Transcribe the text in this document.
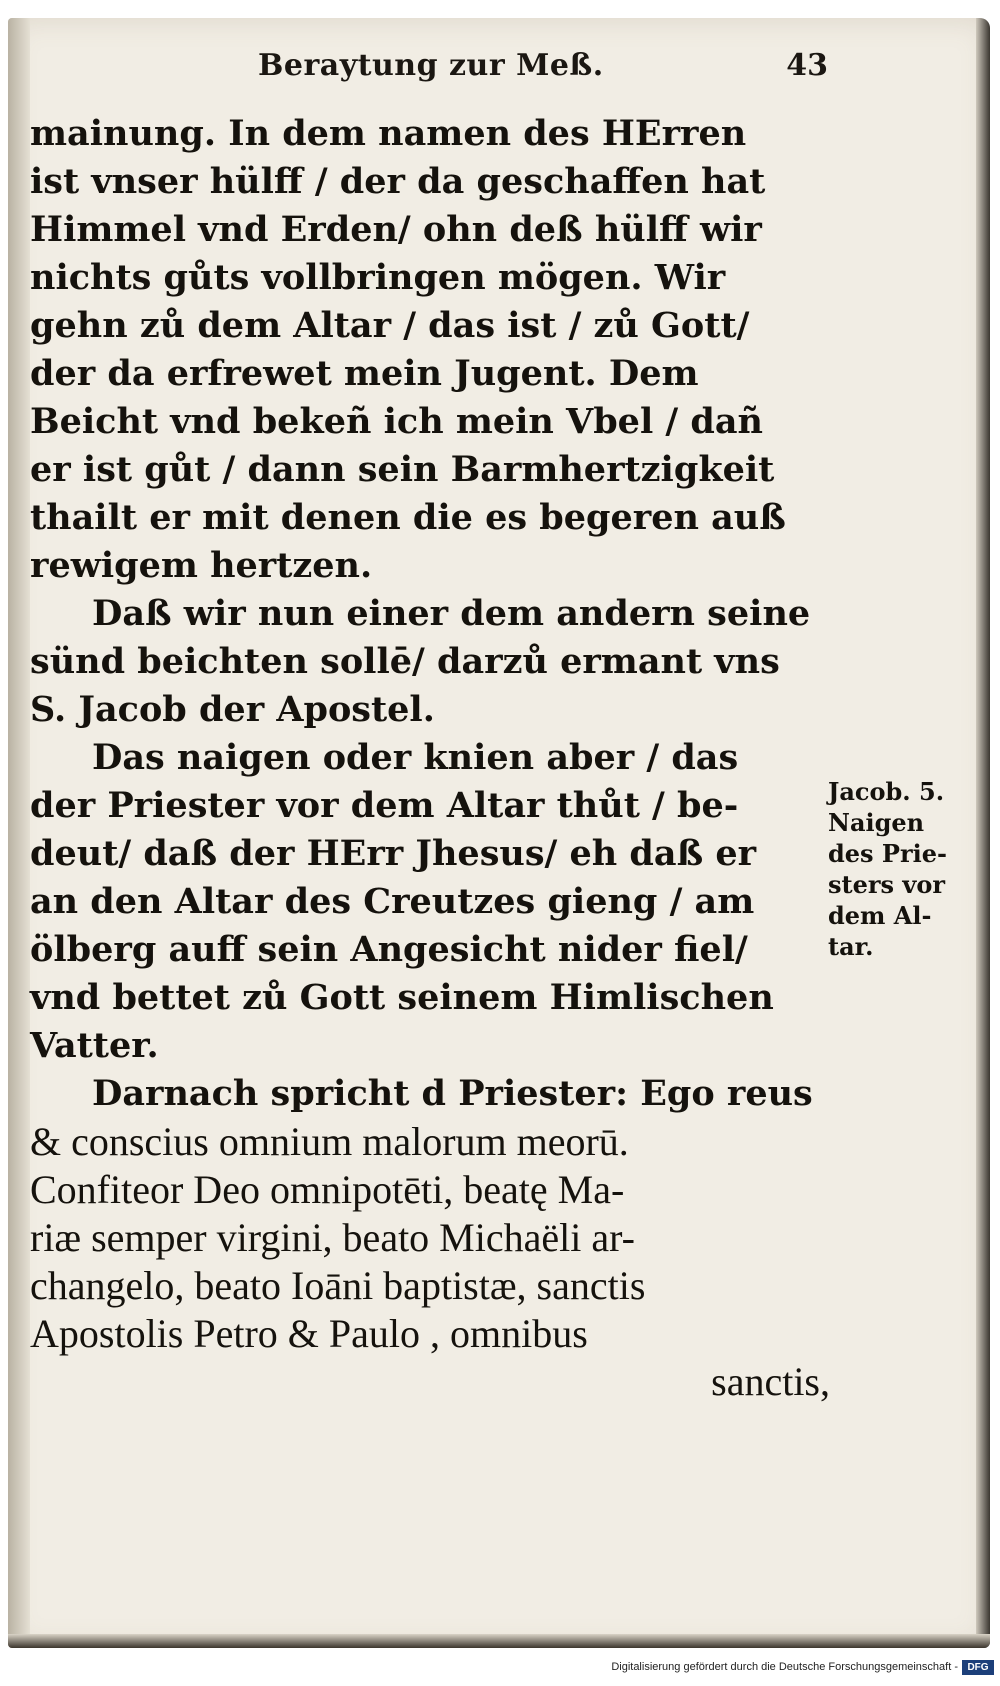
Beraytung zur Meß.	43
mainung. In dem namen des HErren
ist vnser hülff / der da geschaffen hat
Himmel vnd Erden/ ohn deß hülff wir
nichts gůts vollbringen mögen. Wir
gehn zů dem Altar / das ist / zů Gott/
der da erfrewet mein Jugent. Dem
Beicht vnd bekeñ ich mein Vbel / dañ
er ist gůt / dann sein Barmhertzigkeit
thailt er mit denen die es begeren auß
rewigem hertzen.
Daß wir nun einer dem andern seine
sünd beichten sollē/ darzů ermant vns
S. Jacob der Apostel.
Das naigen oder knien aber / das
der Priester vor dem Altar thůt / be-
deut/ daß der HErr Jhesus/ eh daß er
an den Altar des Creutzes gieng / am
ölberg auff sein Angesicht nider fiel/
vnd bettet zů Gott seinem Himlischen
Vatter.
Darnach spricht d Priester: Ego reus
& conscius omnium malorum meorū.
Confiteor Deo omnipotēti, beatę Ma-
riæ semper virgini, beato Michaëli ar-
changelo, beato Ioāni baptistæ, sanctis
Apostolis Petro & Paulo , omnibus
sanctis,
Jacob. 5.
Naigen
des Prie-
sters vor
dem Al-
tar.
Digitalisierung gefördert durch die Deutsche Forschungsgemeinschaft - DFG
